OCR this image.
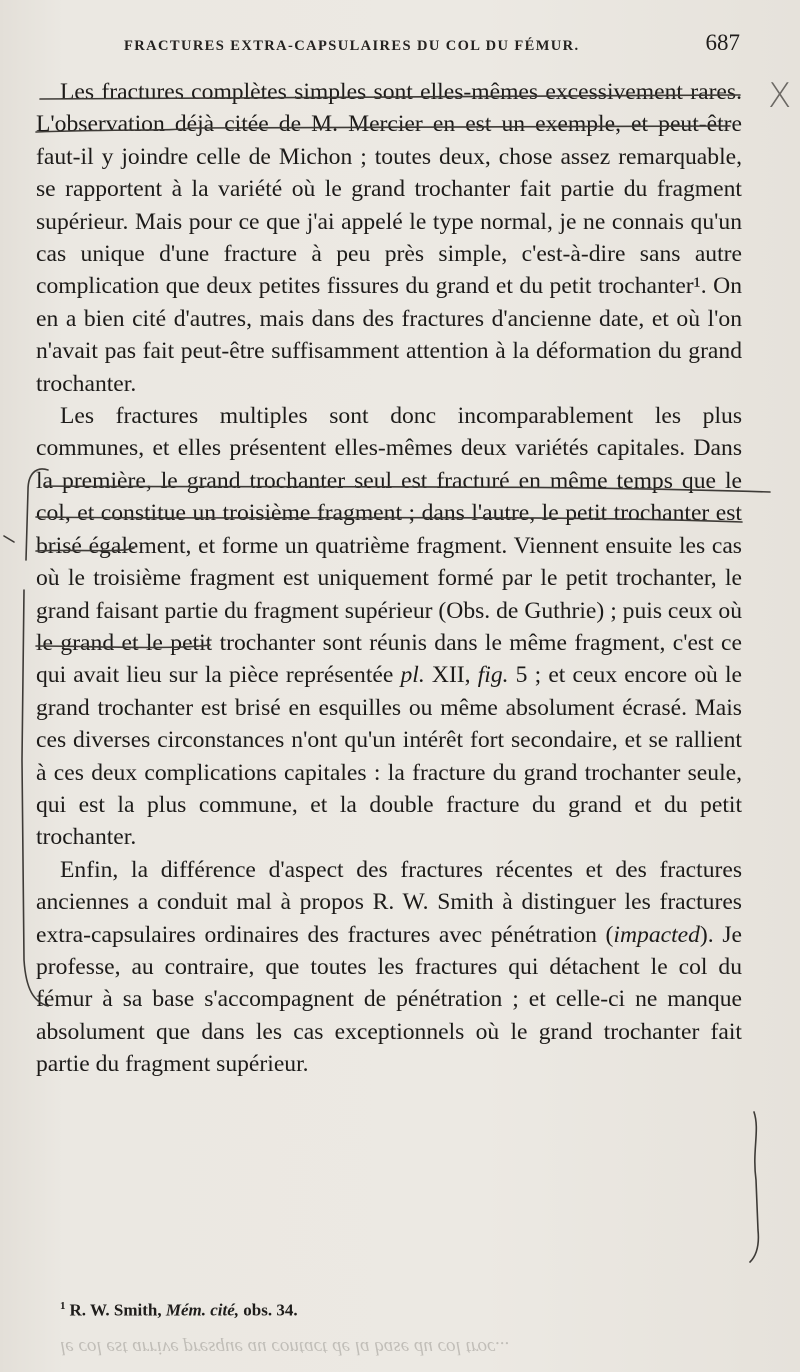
FRACTURES EXTRA-CAPSULAIRES DU COL DU FÉMUR.	687
X

Les fractures complètes simples sont elles-mêmes excessivement rares. L'observation déjà citée de M. Mercier en est un exemple, et peut-être faut-il y joindre celle de Michon ; toutes deux, chose assez remarquable, se rapportent à la variété où le grand trochanter fait partie du fragment supérieur. Mais pour ce que j'ai appelé le type normal, je ne connais qu'un cas unique d'une fracture à peu près simple, c'est-à-dire sans autre complication que deux petites fissures du grand et du petit trochanter¹. On en a bien cité d'autres, mais dans des fractures d'ancienne date, et où l'on n'avait pas fait peut-être suffisamment attention à la déformation du grand trochanter.

Les fractures multiples sont donc incomparablement les plus communes, et elles présentent elles-mêmes deux variétés capitales. Dans la première, le grand trochanter seul est fracturé en même temps que le col, et constitue un troisième fragment ; dans l'autre, le petit trochanter est brisé également, et forme un quatrième fragment. Viennent ensuite les cas où le troisième fragment est uniquement formé par le petit trochanter, le grand faisant partie du fragment supérieur (Obs. de Guthrie) ; puis ceux où le grand et le petit trochanter sont réunis dans le même fragment, c'est ce qui avait lieu sur la pièce représentée pl. XII, fig. 5 ; et ceux encore où le grand trochanter est brisé en esquilles ou même absolument écrasé. Mais ces diverses circonstances n'ont qu'un intérêt fort secondaire, et se rallient à ces deux complications capitales : la fracture du grand trochanter seule, qui est la plus commune, et la double fracture du grand et du petit trochanter.

Enfin, la différence d'aspect des fractures récentes et des fractures anciennes a conduit mal à propos R. W. Smith à distinguer les fractures extra-capsulaires ordinaires des fractures avec pénétration (impacted). Je professe, au contraire, que toutes les fractures qui détachent le col du fémur à sa base s'accompagnent de pénétration ; et celle-ci ne manque absolument que dans les cas exceptionnels où le grand trochanter fait partie du fragment supérieur.

$^1$ R. W. Smith, Mém. cité, obs. 34.
le col est arrive presque au contact de la base du col troc...
